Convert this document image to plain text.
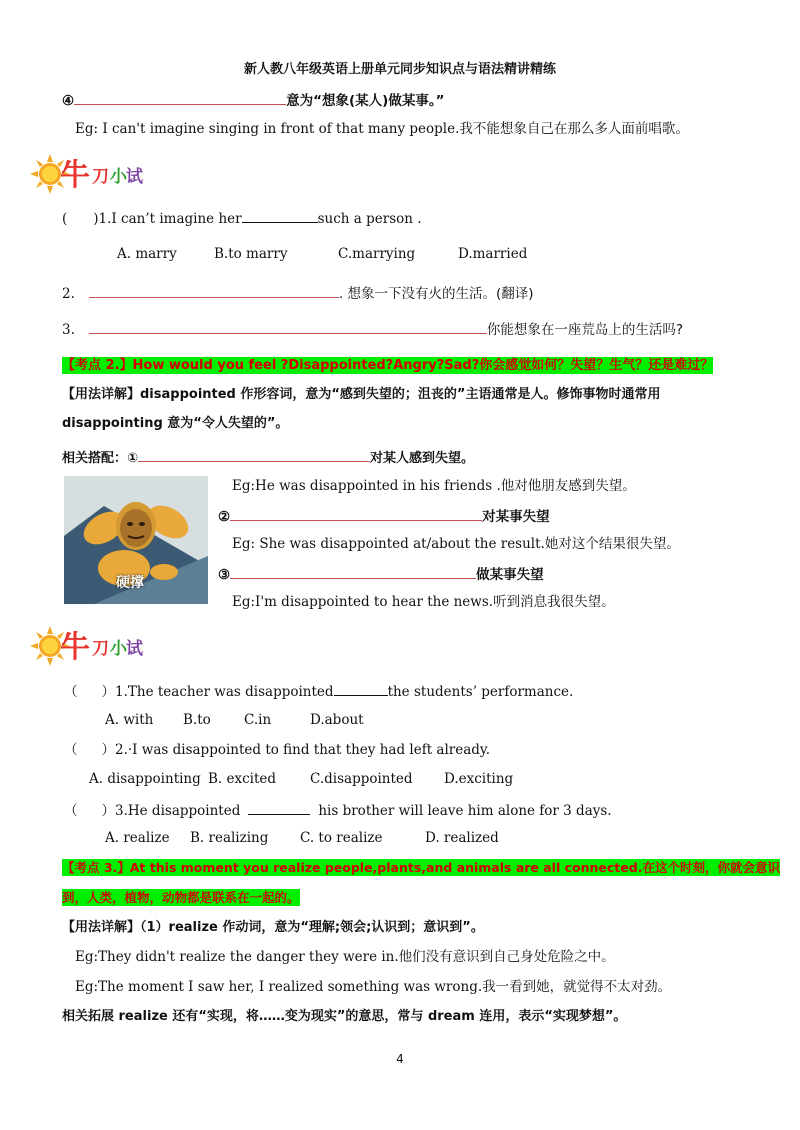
新人教八年级英语上册单元同步知识点与语法精讲精练
④	意为“想象(某人)做某事。”
Eg: I can't imagine singing in front of that many people.我不能想象自己在那么多人面前唱歌。
牛 刀 小 试
( )1.I can’t imagine her	such a person .
A. marry	B.to marry	C.marrying	D.married
2.	. 想象一下没有火的生活。(翻译)
3.	你能想象在一座荒岛上的生活吗?
【考点 2.】How would you feel ?Disappointed?Angry?Sad?你会感觉如何？失望？生气？还是难过？
【用法详解】disappointed 作形容词，意为“感到失望的；沮丧的”主语通常是人。修饰事物时通常用
disappointing 意为“令人失望的”。
相关搭配：①	对某人感到失望。
硬撑
Eg:He was disappointed in his friends .他对他朋友感到失望。
②	对某事失望
Eg: She was disappointed at/about the result.她对这个结果很失望。
③	做某事失望
Eg:I'm disappointed to hear the news.听到消息我很失望。
牛 刀 小 试
（ ）1.The teacher was disappointed	the students’ performance.
A. with B.to C.in	D.about
（ ）2.·I was disappointed to find that they had left already.
A. disappointing B. excited	C.disappointed D.exciting
（ ）3.He disappointed	his brother will leave him alone for 3 days.
A. realize B. realizing C. to realize	D. realized
【考点 3.】At this moment you realize people,plants,and animals are all connected.在这个时刻，你就会意识
到，人类，植物，动物都是联系在一起的。
【用法详解】（1）realize 作动词，意为“理解;领会;认识到；意识到”。
Eg:They didn't realize the danger they were in.他们没有意识到自己身处危险之中。
Eg:The moment I saw her, I realized something was wrong.我一看到她，就觉得不太对劲。
相关拓展 realize 还有“实现，将……变为现实”的意思，常与 dream 连用，表示“实现梦想”。
4
